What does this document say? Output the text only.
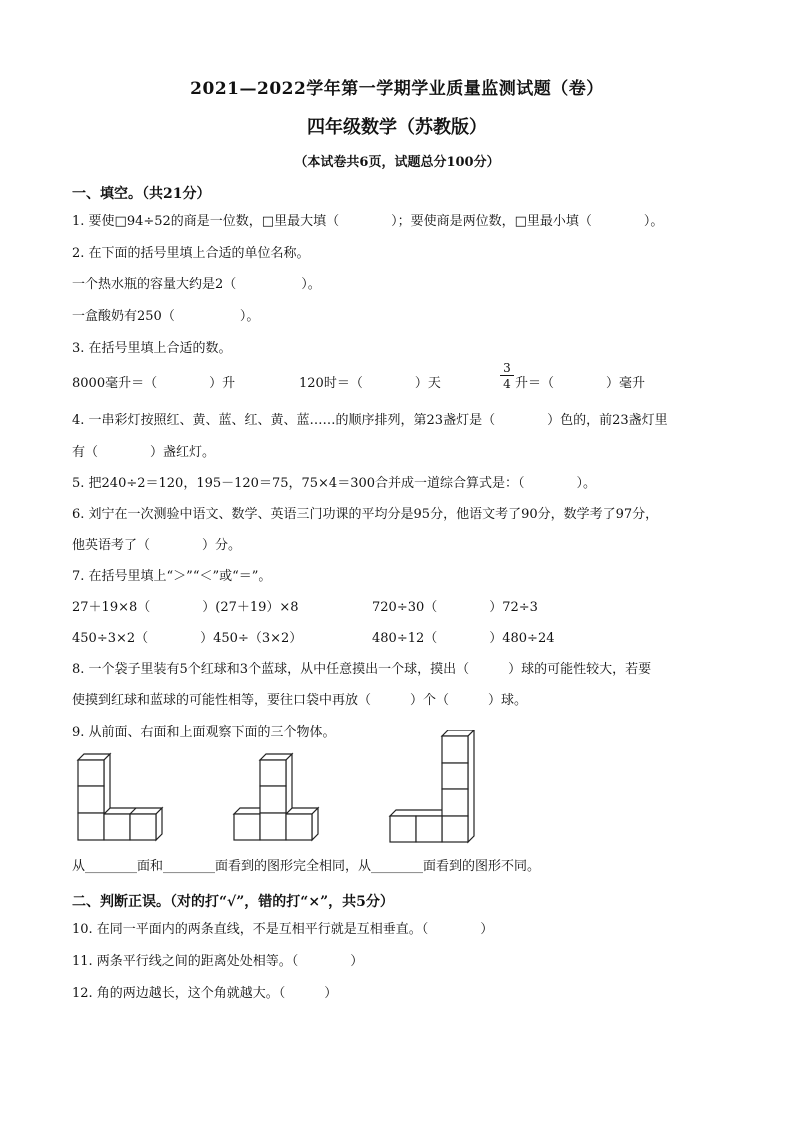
2021—2022学年第一学期学业质量监测试题（卷）
四年级数学（苏教版）
（本试卷共6页，试题总分100分）
一、填空。（共21分）
1. 要使□94÷52的商是一位数，□里最大填（　　　　）；要使商是两位数，□里最小填（　　　　）。
2. 在下面的括号里填上合适的单位名称。
一个热水瓶的容量大约是2（　　　　　）。
一盒酸奶有250（　　　　　）。
3. 在括号里填上合适的数。
8000毫升＝（　　　　）升	120时＝（　　　　）天	$\frac{3}{4}$ 升＝（　　　　）毫升
4. 一串彩灯按照红、黄、蓝、红、黄、蓝……的顺序排列，第23盏灯是（　　　　）色的，前23盏灯里
有（　　　　）盏红灯。
5. 把240÷2＝120，195－120＝75，75×4＝300合并成一道综合算式是：（　　　　）。
6. 刘宁在一次测验中语文、数学、英语三门功课的平均分是95分，他语文考了90分，数学考了97分，
他英语考了（　　　　）分。
7. 在括号里填上“＞”“＜”或“＝”。
27＋19×8（　　　　）(27＋19）×8	720÷30（　　　　）72÷3
450÷3×2（　　　　）450÷（3×2）	480÷12（　　　　）480÷24
8. 一个袋子里装有5个红球和3个蓝球，从中任意摸出一个球，摸出（　　　）球的可能性较大，若要
使摸到红球和蓝球的可能性相等，要往口袋中再放（　　　）个（　　　）球。
9. 从前面、右面和上面观察下面的三个物体。
从________面和________面看到的图形完全相同，从________面看到的图形不同。
二、判断正误。（对的打“√”，错的打“×”，共5分）
10. 在同一平面内的两条直线，不是互相平行就是互相垂直。（　　　　）
11. 两条平行线之间的距离处处相等。（　　　　）
12. 角的两边越长，这个角就越大。（　　　）
